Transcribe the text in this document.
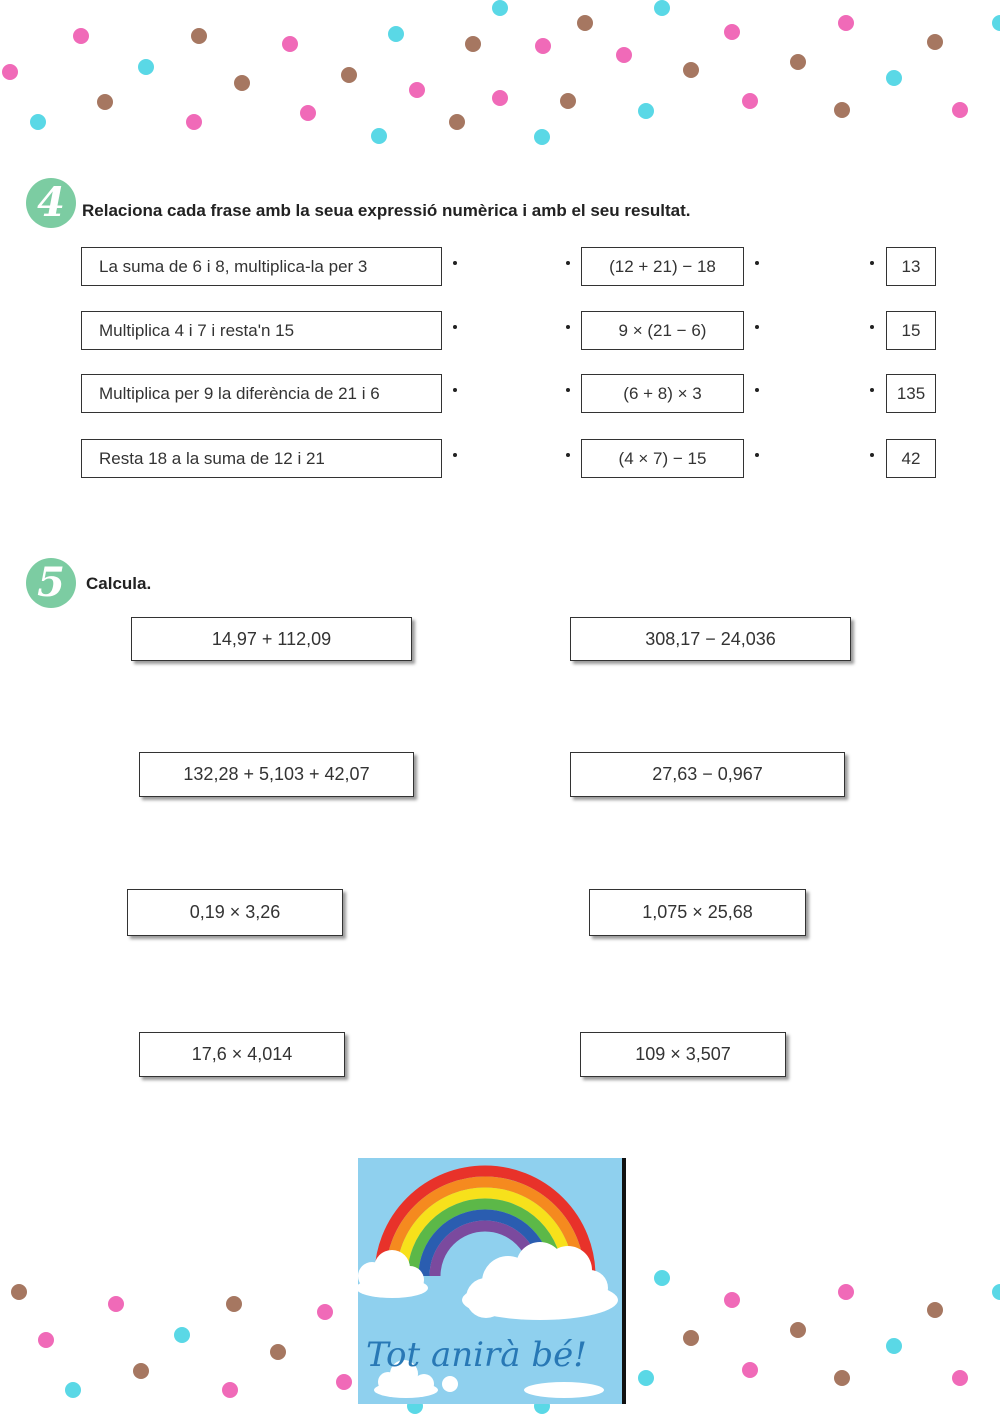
4	Relaciona cada frase amb la seua expressió numèrica i amb el seu resultat.
La suma de 6 i 8, multiplica-la per 3	(12 + 21) − 18	13
Multiplica 4 i 7 i resta'n 15	9 × (21 − 6)	15
Multiplica per 9 la diferència de 21 i 6	(6 + 8) × 3	135
Resta 18 a la suma de 12 i 21	(4 × 7) − 15	42
5	Calcula.
14,97 + 112,09	308,17 − 24,036
132,28 + 5,103 + 42,07	27,63 − 0,967
0,19 × 3,26	1,075 × 25,68
17,6 × 4,014	109 × 3,507
Tot anirà bé!
